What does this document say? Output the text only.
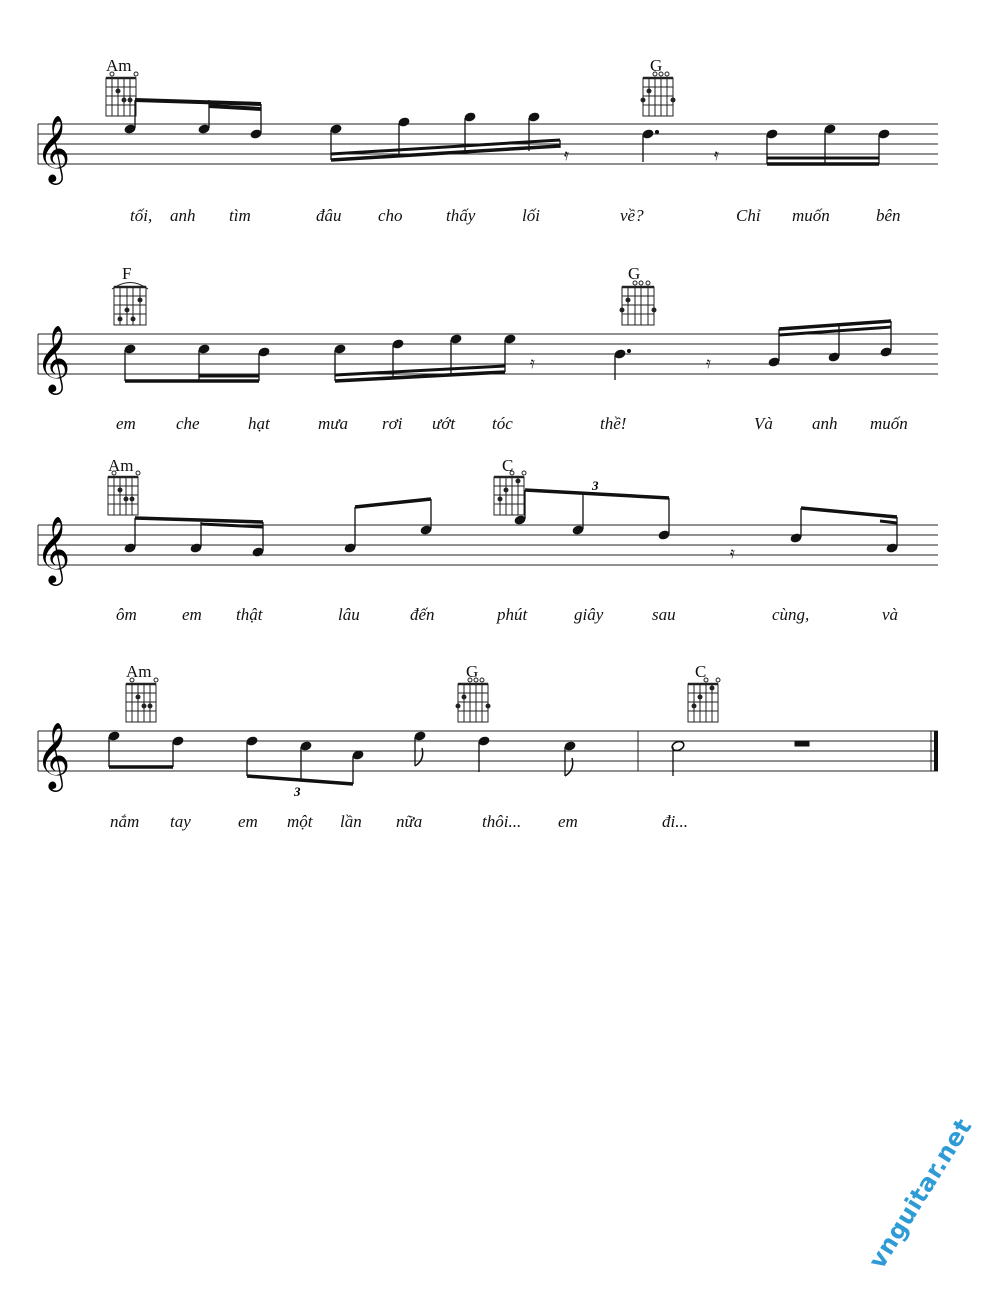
Am	G
𝄞	𝄿	𝄿
tối, anh tìm	đâu cho	thấy	lối	về?	Chỉ muốn	bên
F	G
𝄞	𝄿	𝄿
em che	hạt	mưa rơi ướt tóc	thề!	Và anh muốn
Am	C
𝄞	𝄿
3
ôm	em thật	lâu	đến	phút	giây	sau	cùng,	và
Am	G	C
𝄞
3
nắm tay	em một lần nữa	thôi... em	đi...
vnguitar.net
